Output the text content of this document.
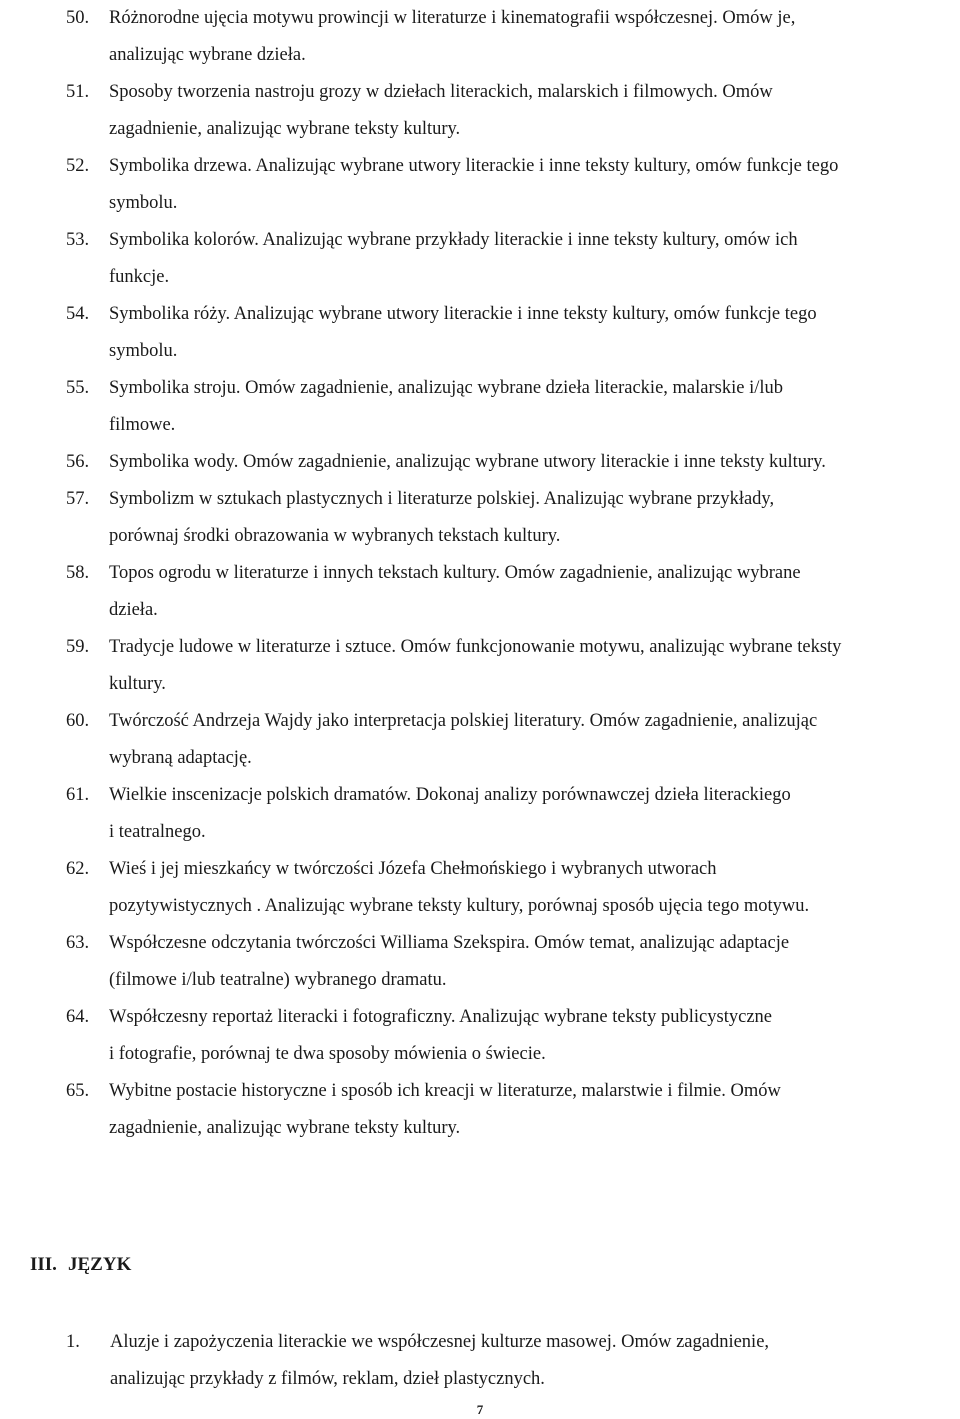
50.	Różnorodne ujęcia motywu prowincji w literaturze i kinematografii współczesnej. Omów je,
analizując wybrane dzieła.
51.	Sposoby tworzenia nastroju grozy w dziełach literackich, malarskich i filmowych. Omów
zagadnienie, analizując wybrane teksty kultury.
52.	Symbolika drzewa. Analizując wybrane utwory literackie i inne teksty kultury, omów funkcje tego
symbolu.
53.	Symbolika kolorów. Analizując wybrane przykłady literackie i inne teksty kultury, omów ich
funkcje.
54.	Symbolika róży. Analizując wybrane utwory literackie i inne teksty kultury, omów funkcje tego
symbolu.
55.	Symbolika stroju. Omów zagadnienie, analizując wybrane dzieła literackie, malarskie i/lub
filmowe.
56.	Symbolika wody. Omów zagadnienie, analizując wybrane utwory literackie i inne teksty kultury.
57.	Symbolizm w sztukach plastycznych i literaturze polskiej. Analizując wybrane przykłady,
porównaj środki obrazowania w wybranych tekstach kultury.
58.	Topos ogrodu w literaturze i innych tekstach kultury. Omów zagadnienie, analizując wybrane
dzieła.
59.	Tradycje ludowe w literaturze i sztuce. Omów funkcjonowanie motywu, analizując wybrane teksty
kultury.
60.	Twórczość Andrzeja Wajdy jako interpretacja polskiej literatury. Omów zagadnienie, analizując
wybraną adaptację.
61.	Wielkie inscenizacje polskich dramatów. Dokonaj analizy porównawczej dzieła literackiego
i teatralnego.
62.	Wieś i jej mieszkańcy w twórczości Józefa Chełmońskiego i wybranych utworach
pozytywistycznych . Analizując wybrane teksty kultury, porównaj sposób ujęcia tego motywu.
63.	Współczesne odczytania twórczości Williama Szekspira. Omów temat, analizując adaptacje
(filmowe i/lub teatralne) wybranego dramatu.
64.	Współczesny reportaż literacki i fotograficzny. Analizując wybrane teksty publicystyczne
i fotografie, porównaj te dwa sposoby mówienia o świecie.
65.	Wybitne postacie historyczne i sposób ich kreacji w literaturze, malarstwie i filmie. Omów
zagadnienie, analizując wybrane teksty kultury.
III. JĘZYK
1.	Aluzje i zapożyczenia literackie we współczesnej kulturze masowej. Omów zagadnienie,
analizując przykłady z filmów, reklam, dzieł plastycznych.
7
